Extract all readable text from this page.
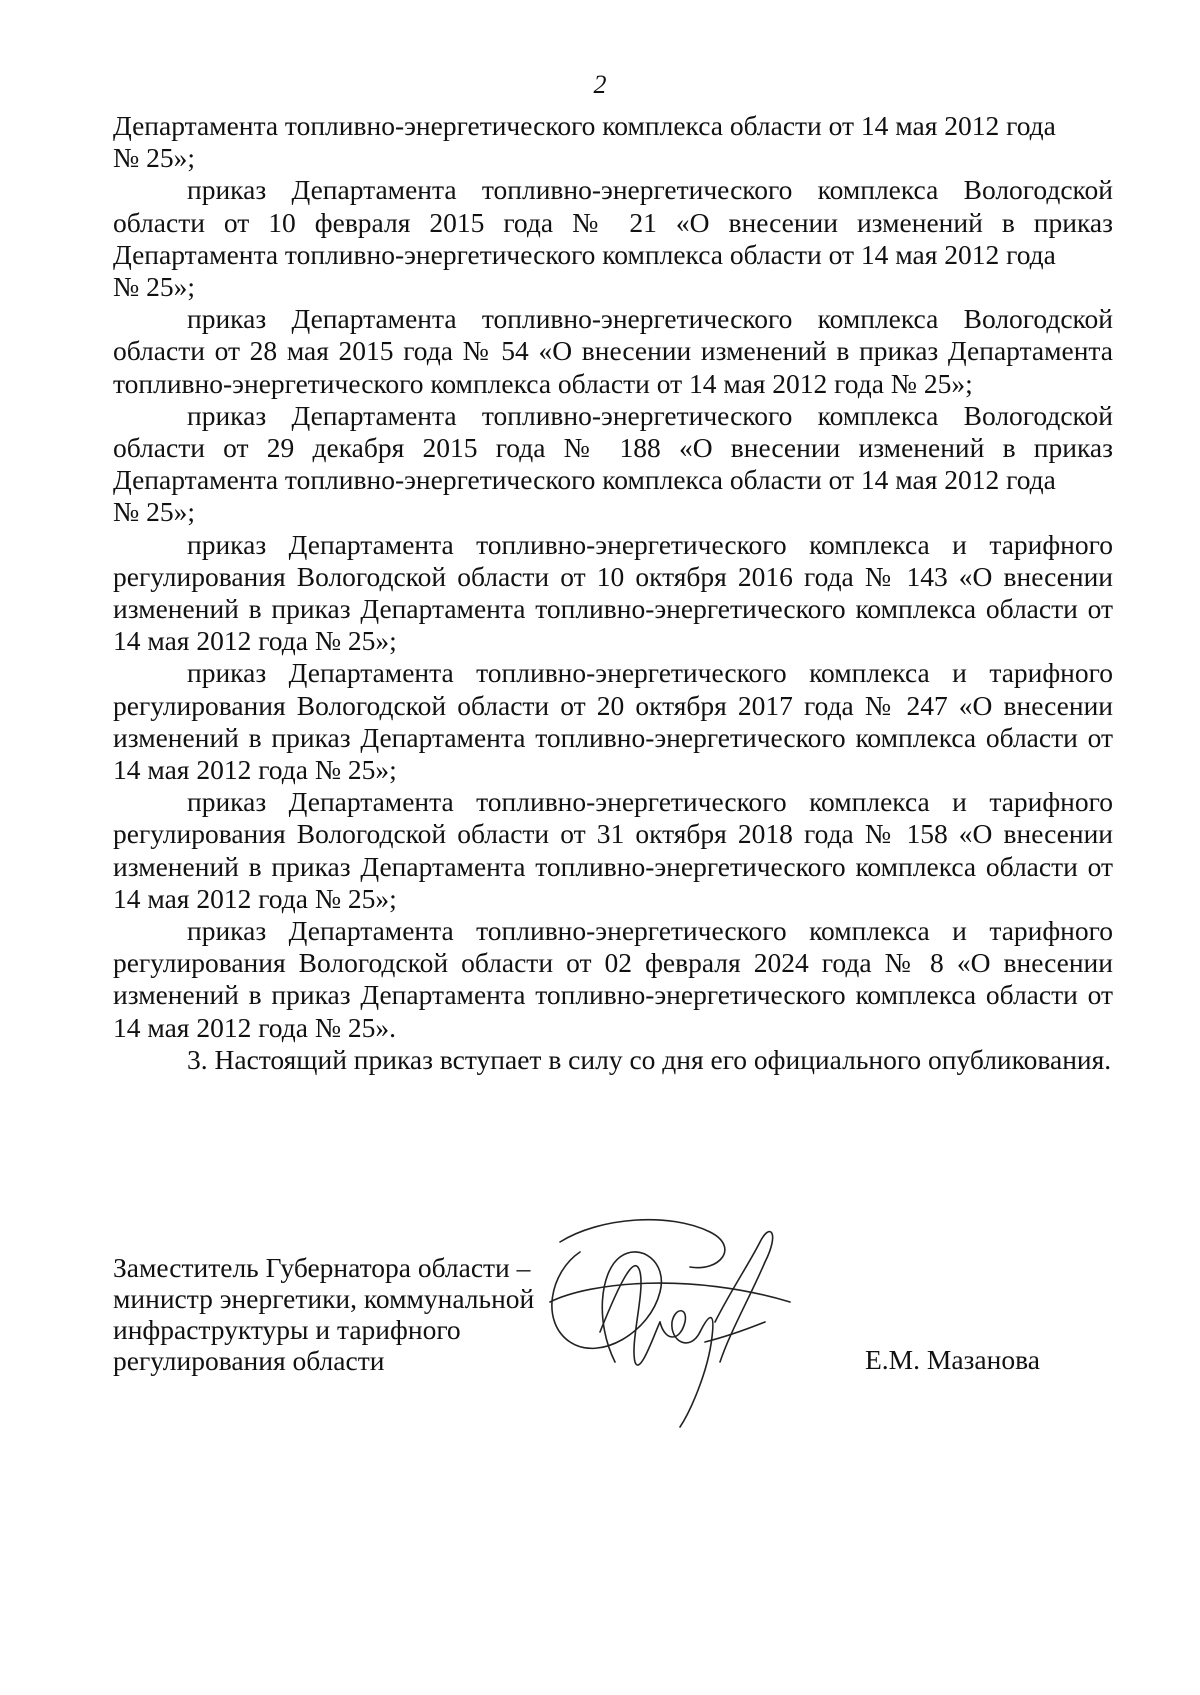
2

Департамента топливно-энергетического комплекса области от 14 мая 2012 года
№ 25»;

приказ Департамента топливно-энергетического комплекса Вологодской области от 10 февраля 2015 года № 21 «О внесении изменений в приказ Департамента топливно-энергетического комплекса области от 14 мая 2012 года
№ 25»;

приказ Департамента топливно-энергетического комплекса Вологодской области от 28 мая 2015 года № 54 «О внесении изменений в приказ Департамента топливно-энергетического комплекса области от 14 мая 2012 года № 25»;

приказ Департамента топливно-энергетического комплекса Вологодской области от 29 декабря 2015 года № 188 «О внесении изменений в приказ Департамента топливно-энергетического комплекса области от 14 мая 2012 года
№ 25»;

приказ Департамента топливно-энергетического комплекса и тарифного регулирования Вологодской области от 10 октября 2016 года № 143 «О внесении изменений в приказ Департамента топливно-энергетического комплекса области от 14 мая 2012 года № 25»;

приказ Департамента топливно-энергетического комплекса и тарифного регулирования Вологодской области от 20 октября 2017 года № 247 «О внесении изменений в приказ Департамента топливно-энергетического комплекса области от 14 мая 2012 года № 25»;

приказ Департамента топливно-энергетического комплекса и тарифного регулирования Вологодской области от 31 октября 2018 года № 158 «О внесении изменений в приказ Департамента топливно-энергетического комплекса области от 14 мая 2012 года № 25»;

приказ Департамента топливно-энергетического комплекса и тарифного регулирования Вологодской области от 02 февраля 2024 года № 8 «О внесении изменений в приказ Департамента топливно-энергетического комплекса области от 14 мая 2012 года № 25».

3. Настоящий приказ вступает в силу со дня его официального опубликования.

Заместитель Губернатора области –
министр энергетики, коммунальной
инфраструктуры и тарифного
регулирования области	Е.М. Мазанова
